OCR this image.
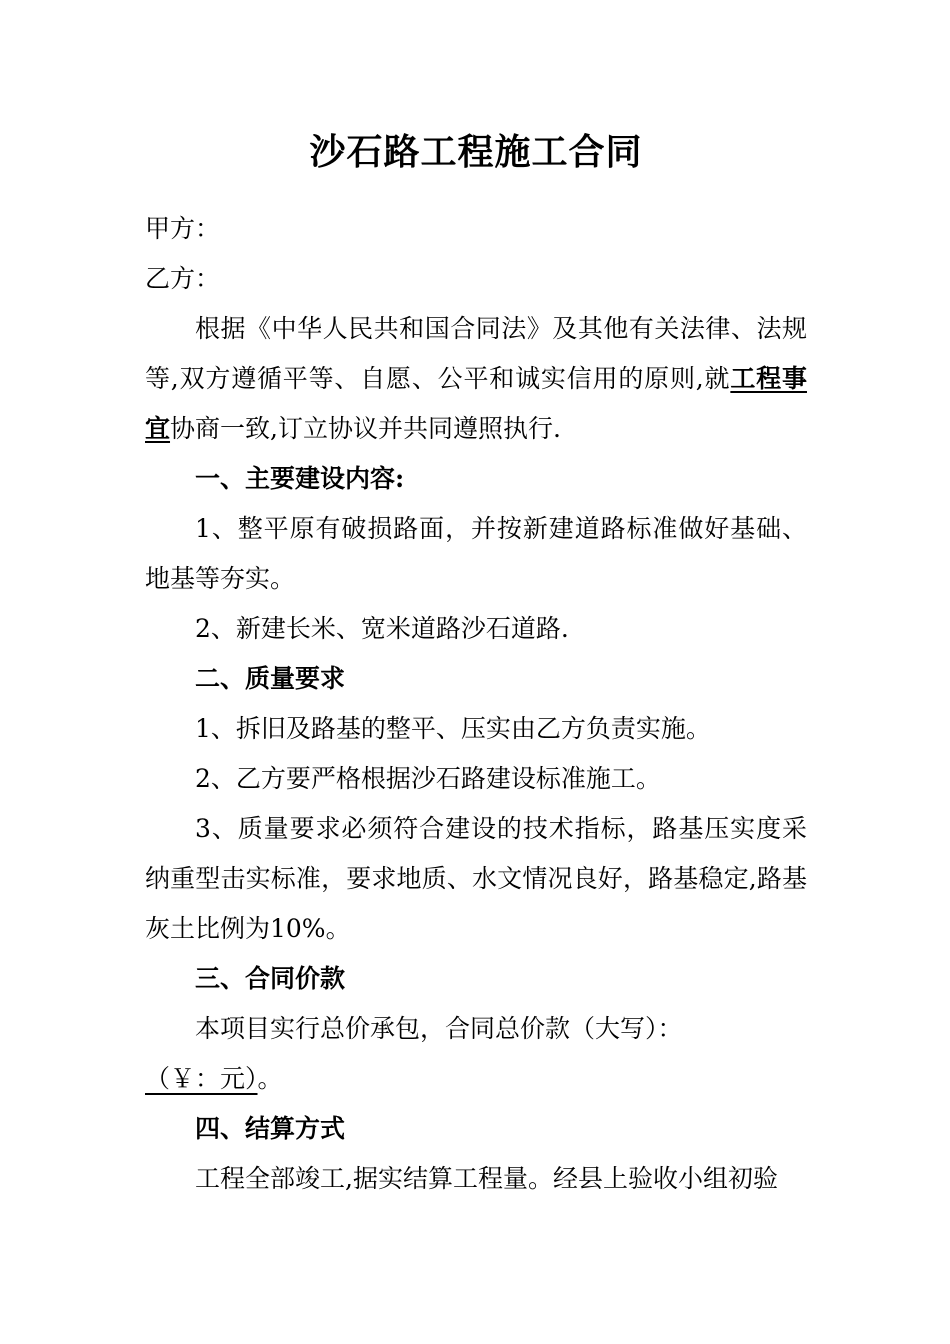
沙石路工程施工合同

甲方：

乙方：

根据《中华人民共和国合同法》及其他有关法律、法规等,双方遵循平等、自愿、公平和诚实信用的原则,就工程事宜协商一致,订立协议并共同遵照执行.

一、主要建设内容:

1、整平原有破损路面，并按新建道路标准做好基础、地基等夯实。

2、新建长米、宽米道路沙石道路.

二、质量要求

1、拆旧及路基的整平、压实由乙方负责实施。

2、乙方要严格根据沙石路建设标准施工。

3、质量要求必须符合建设的技术指标，路基压实度采纳重型击实标准，要求地质、水文情况良好，路基稳定,路基灰土比例为10%。

三、合同价款

本项目实行总价承包，合同总价款（大写）：

（￥：元）。

四、结算方式

工程全部竣工,据实结算工程量。经县上验收小组初验
